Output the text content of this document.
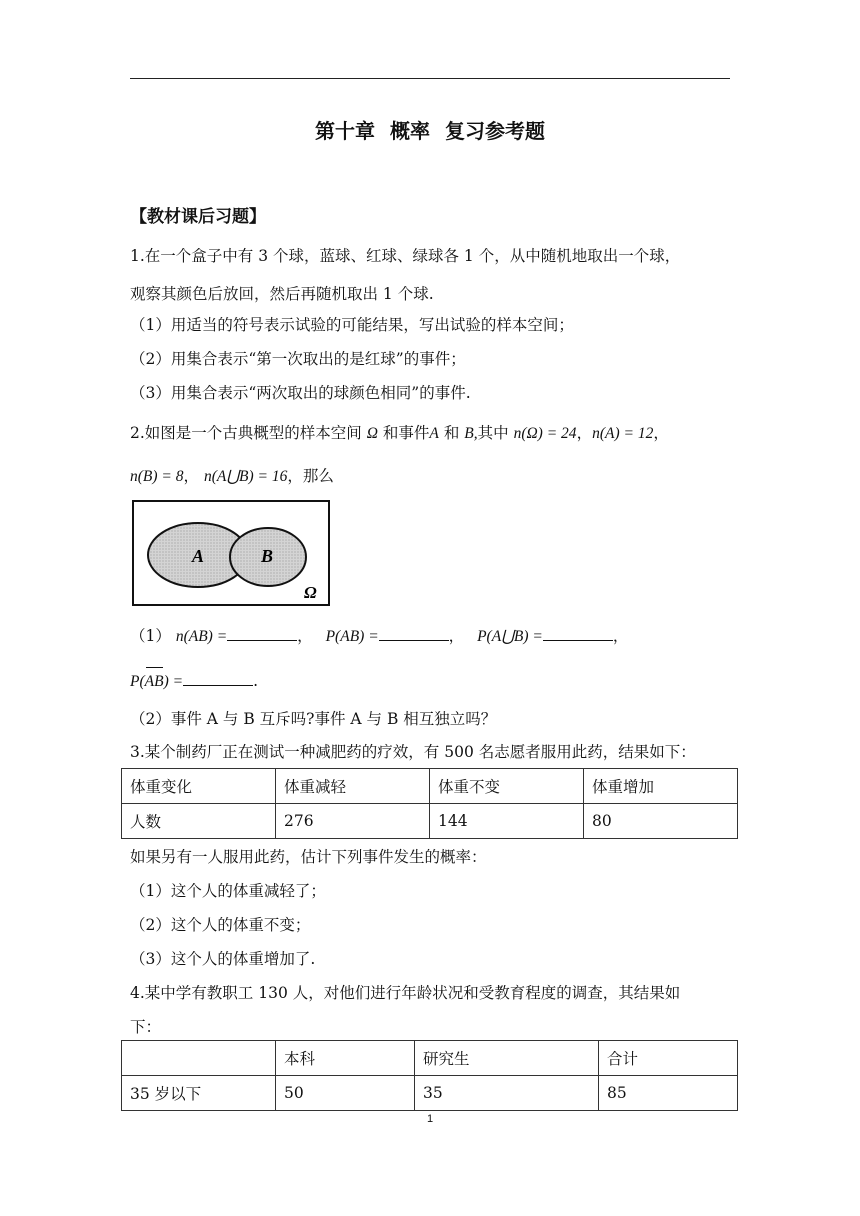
第十章 概率 复习参考题
【教材课后习题】
1.在一个盒子中有 3 个球，蓝球、红球、绿球各 1 个，从中随机地取出一个球，
观察其颜色后放回，然后再随机取出 1 个球.
（1）用适当的符号表示试验的可能结果，写出试验的样本空间；
（2）用集合表示“第一次取出的是红球”的事件；
（3）用集合表示“两次取出的球颜色相同”的事件.
2.如图是一个古典概型的样本空间 Ω 和事件A 和 B,其中 n(Ω) = 24，n(A) = 12，
n(B) = 8， n(A⋃B) = 16，那么
A	B
Ω
（1） n(AB) =	， P(AB) =	， P(A⋃B) =	，
P(AB) =	.
（2）事件 A 与 B 互斥吗?事件 A 与 B 相互独立吗？
3.某个制药厂正在测试一种减肥药的疗效，有 500 名志愿者服用此药，结果如下：
体重变化	体重减轻	体重不变	体重增加
人数	276	144	80
如果另有一人服用此药，估计下列事件发生的概率：
（1）这个人的体重减轻了；
（2）这个人的体重不变；
（3）这个人的体重增加了.
4.某中学有教职工 130 人，对他们进行年龄状况和受教育程度的调查，其结果如
下：
	本科	研究生	合计
35 岁以下	50	35	85
1
